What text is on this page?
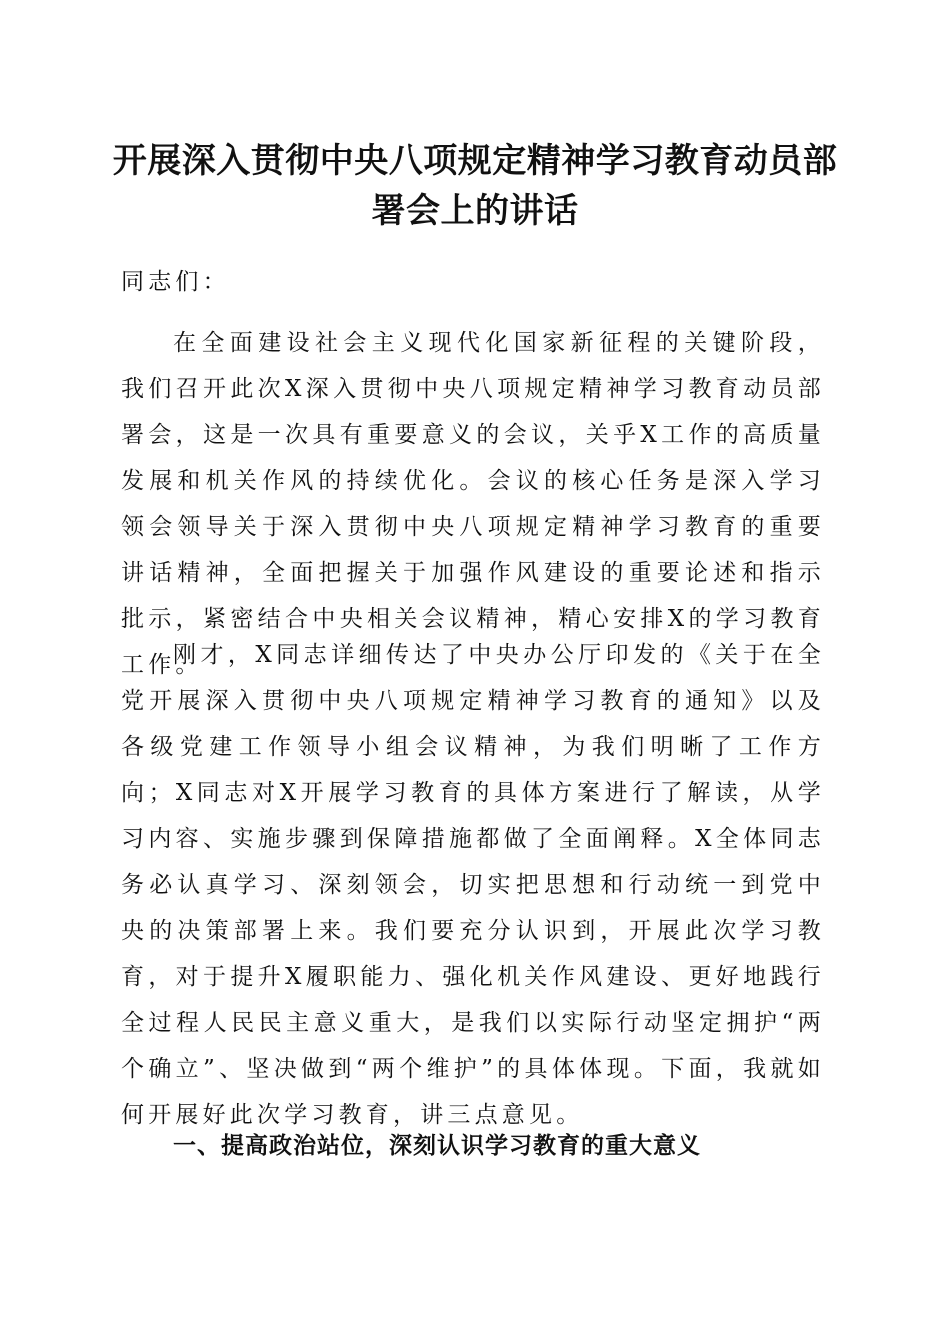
开展深入贯彻中央八项规定精神学习教育动员部署会上的讲话

同志们：

在全面建设社会主义现代化国家新征程的关键阶段，我们召开此次X深入贯彻中央八项规定精神学习教育动员部署会，这是一次具有重要意义的会议，关乎X工作的高质量发展和机关作风的持续优化。会议的核心任务是深入学习领会领导关于深入贯彻中央八项规定精神学习教育的重要讲话精神，全面把握关于加强作风建设的重要论述和指示批示，紧密结合中央相关会议精神，精心安排X的学习教育工作。

刚才，X同志详细传达了中央办公厅印发的《关于在全党开展深入贯彻中央八项规定精神学习教育的通知》以及各级党建工作领导小组会议精神，为我们明晰了工作方向；X同志对X开展学习教育的具体方案进行了解读，从学习内容、实施步骤到保障措施都做了全面阐释。X全体同志务必认真学习、深刻领会，切实把思想和行动统一到党中央的决策部署上来。我们要充分认识到，开展此次学习教育，对于提升X履职能力、强化机关作风建设、更好地践行全过程人民民主意义重大，是我们以实际行动坚定拥护“两个确立”、坚决做到“两个维护”的具体体现。下面，我就如何开展好此次学习教育，讲三点意见。

一、提高政治站位，深刻认识学习教育的重大意义
